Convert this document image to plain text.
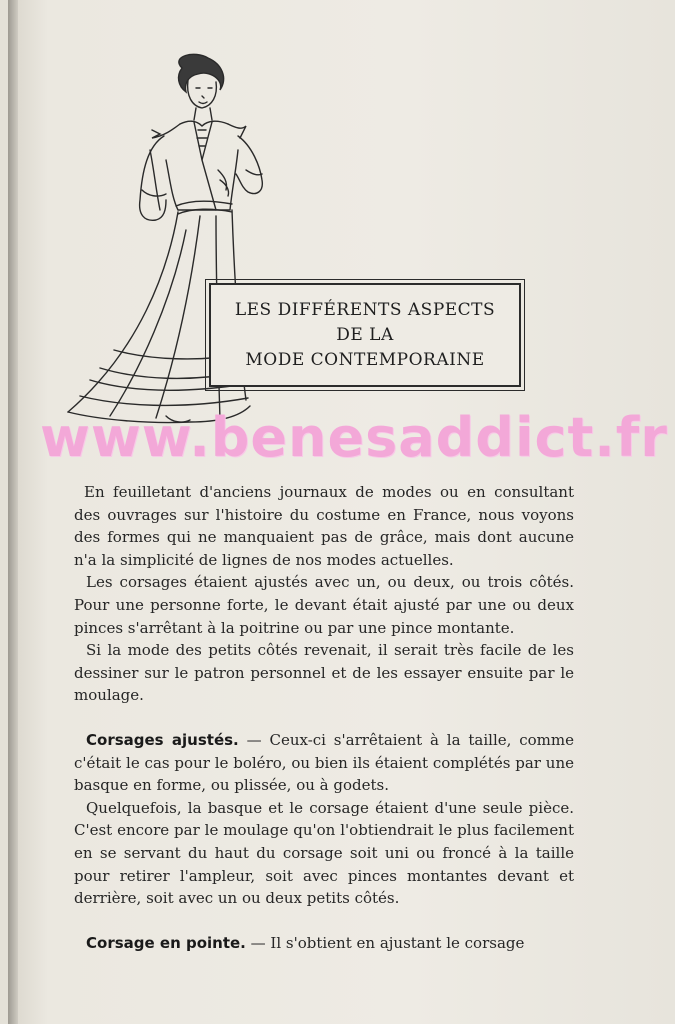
LES DIFFÉRENTS ASPECTS
DE LA
MODE CONTEMPORAINE
www.benesaddict.fr

En feuilletant d'anciens journaux de modes ou en consultant des ouvrages sur l'histoire du costume en France, nous voyons des formes qui ne manquaient pas de grâce, mais dont aucune n'a la simplicité de lignes de nos modes actuelles.

Les corsages étaient ajustés avec un, ou deux, ou trois côtés. Pour une personne forte, le devant était ajusté par une ou deux pinces s'arrêtant à la poitrine ou par une pince montante.

Si la mode des petits côtés revenait, il serait très facile de les dessiner sur le patron personnel et de les essayer ensuite par le moulage.

Corsages ajustés. — Ceux-ci s'arrêtaient à la taille, comme c'était le cas pour le boléro, ou bien ils étaient complétés par une basque en forme, ou plissée, ou à godets.

Quelquefois, la basque et le corsage étaient d'une seule pièce. C'est encore par le moulage qu'on l'obtiendrait le plus facilement en se servant du haut du corsage soit uni ou froncé à la taille pour retirer l'ampleur, soit avec pinces montantes devant et derrière, soit avec un ou deux petits côtés.

Corsage en pointe. — Il s'obtient en ajustant le corsage
